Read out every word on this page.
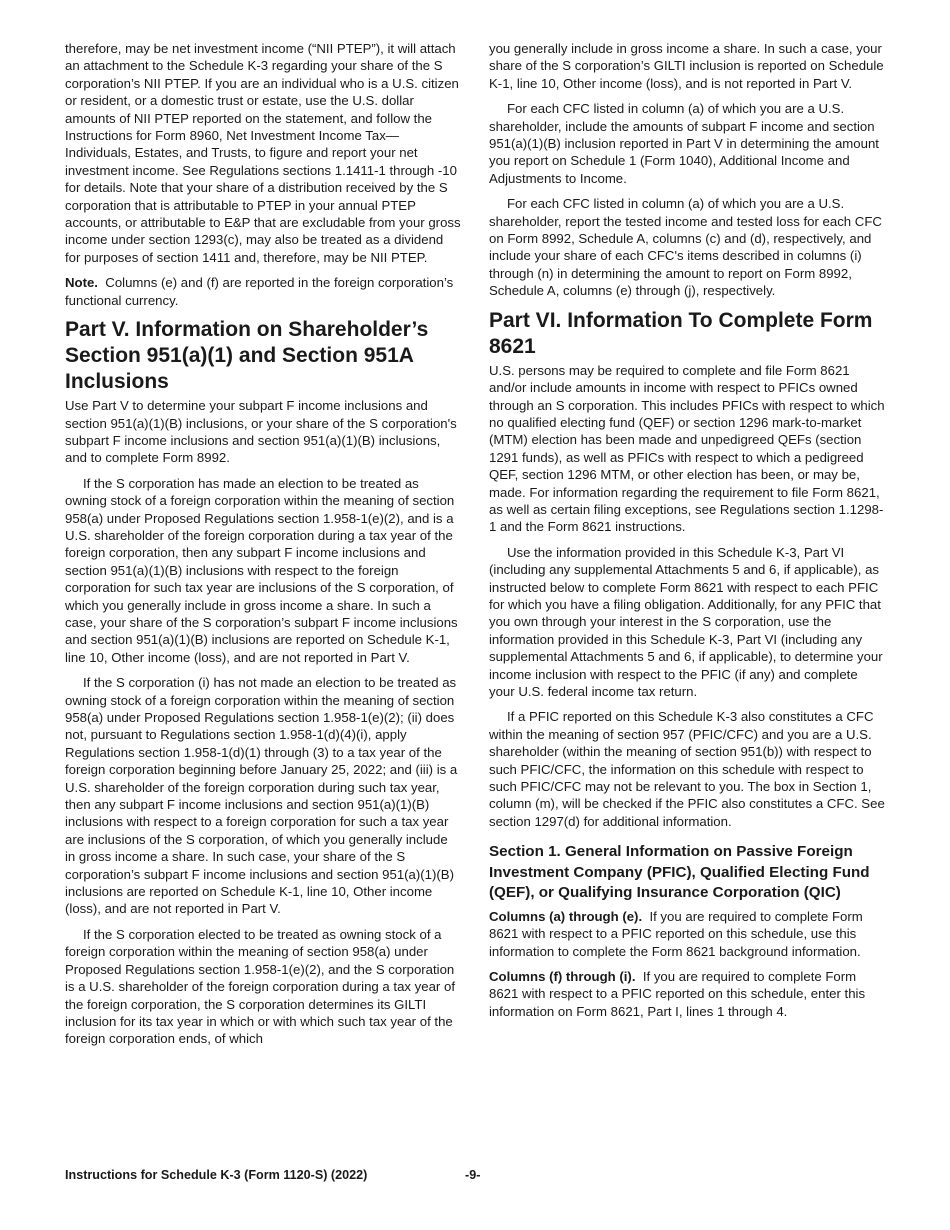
therefore, may be net investment income (“NII PTEP”), it will attach an attachment to the Schedule K-3 regarding your share of the S corporation’s NII PTEP. If you are an individual who is a U.S. citizen or resident, or a domestic trust or estate, use the U.S. dollar amounts of NII PTEP reported on the statement, and follow the Instructions for Form 8960, Net Investment Income Tax— Individuals, Estates, and Trusts, to figure and report your net investment income. See Regulations sections 1.1411-1 through -10 for details. Note that your share of a distribution received by the S corporation that is attributable to PTEP in your annual PTEP accounts, or attributable to E&P that are excludable from your gross income under section 1293(c), may also be treated as a dividend for purposes of section 1411 and, therefore, may be NII PTEP.

Note. Columns (e) and (f) are reported in the foreign corporation’s functional currency.

Part V. Information on Shareholder’s Section 951(a)(1) and Section 951A Inclusions

Use Part V to determine your subpart F income inclusions and section 951(a)(1)(B) inclusions, or your share of the S corporation's subpart F income inclusions and section 951(a)(1)(B) inclusions, and to complete Form 8992.

If the S corporation has made an election to be treated as owning stock of a foreign corporation within the meaning of section 958(a) under Proposed Regulations section 1.958-1(e)(2), and is a U.S. shareholder of the foreign corporation during a tax year of the foreign corporation, then any subpart F income inclusions and section 951(a)(1)(B) inclusions with respect to the foreign corporation for such tax year are inclusions of the S corporation, of which you generally include in gross income a share. In such a case, your share of the S corporation’s subpart F income inclusions and section 951(a)(1)(B) inclusions are reported on Schedule K-1, line 10, Other income (loss), and are not reported in Part V.

If the S corporation (i) has not made an election to be treated as owning stock of a foreign corporation within the meaning of section 958(a) under Proposed Regulations section 1.958-1(e)(2); (ii) does not, pursuant to Regulations section 1.958-1(d)(4)(i), apply Regulations section 1.958-1(d)(1) through (3) to a tax year of the foreign corporation beginning before January 25, 2022; and (iii) is a U.S. shareholder of the foreign corporation during such tax year, then any subpart F income inclusions and section 951(a)(1)(B) inclusions with respect to a foreign corporation for such a tax year are inclusions of the S corporation, of which you generally include in gross income a share. In such case, your share of the S corporation’s subpart F income inclusions and section 951(a)(1)(B) inclusions are reported on Schedule K-1, line 10, Other income (loss), and are not reported in Part V.

If the S corporation elected to be treated as owning stock of a foreign corporation within the meaning of section 958(a) under Proposed Regulations section 1.958-1(e)(2), and the S corporation is a U.S. shareholder of the foreign corporation during a tax year of the foreign corporation, the S corporation determines its GILTI inclusion for its tax year in which or with which such tax year of the foreign corporation ends, of which

you generally include in gross income a share. In such a case, your share of the S corporation’s GILTI inclusion is reported on Schedule K-1, line 10, Other income (loss), and is not reported in Part V.

For each CFC listed in column (a) of which you are a U.S. shareholder, include the amounts of subpart F income and section 951(a)(1)(B) inclusion reported in Part V in determining the amount you report on Schedule 1 (Form 1040), Additional Income and Adjustments to Income.

For each CFC listed in column (a) of which you are a U.S. shareholder, report the tested income and tested loss for each CFC on Form 8992, Schedule A, columns (c) and (d), respectively, and include your share of each CFC's items described in columns (i) through (n) in determining the amount to report on Form 8992, Schedule A, columns (e) through (j), respectively.

Part VI. Information To Complete Form 8621

U.S. persons may be required to complete and file Form 8621 and/or include amounts in income with respect to PFICs owned through an S corporation. This includes PFICs with respect to which no qualified electing fund (QEF) or section 1296 mark-to-market (MTM) election has been made and unpedigreed QEFs (section 1291 funds), as well as PFICs with respect to which a pedigreed QEF, section 1296 MTM, or other election has been, or may be, made. For information regarding the requirement to file Form 8621, as well as certain filing exceptions, see Regulations section 1.1298-1 and the Form 8621 instructions.

Use the information provided in this Schedule K-3, Part VI (including any supplemental Attachments 5 and 6, if applicable), as instructed below to complete Form 8621 with respect to each PFIC for which you have a filing obligation. Additionally, for any PFIC that you own through your interest in the S corporation, use the information provided in this Schedule K-3, Part VI (including any supplemental Attachments 5 and 6, if applicable), to determine your income inclusion with respect to the PFIC (if any) and complete your U.S. federal income tax return.

If a PFIC reported on this Schedule K-3 also constitutes a CFC within the meaning of section 957 (PFIC/CFC) and you are a U.S. shareholder (within the meaning of section 951(b)) with respect to such PFIC/CFC, the information on this schedule with respect to such PFIC/CFC may not be relevant to you. The box in Section 1, column (m), will be checked if the PFIC also constitutes a CFC. See section 1297(d) for additional information.

Section 1. General Information on Passive Foreign Investment Company (PFIC), Qualified Electing Fund (QEF), or Qualifying Insurance Corporation (QIC)

Columns (a) through (e). If you are required to complete Form 8621 with respect to a PFIC reported on this schedule, use this information to complete the Form 8621 background information.

Columns (f) through (i). If you are required to complete Form 8621 with respect to a PFIC reported on this schedule, enter this information on Form 8621, Part I, lines 1 through 4.

Instructions for Schedule K-3 (Form 1120-S) (2022)	-9-
